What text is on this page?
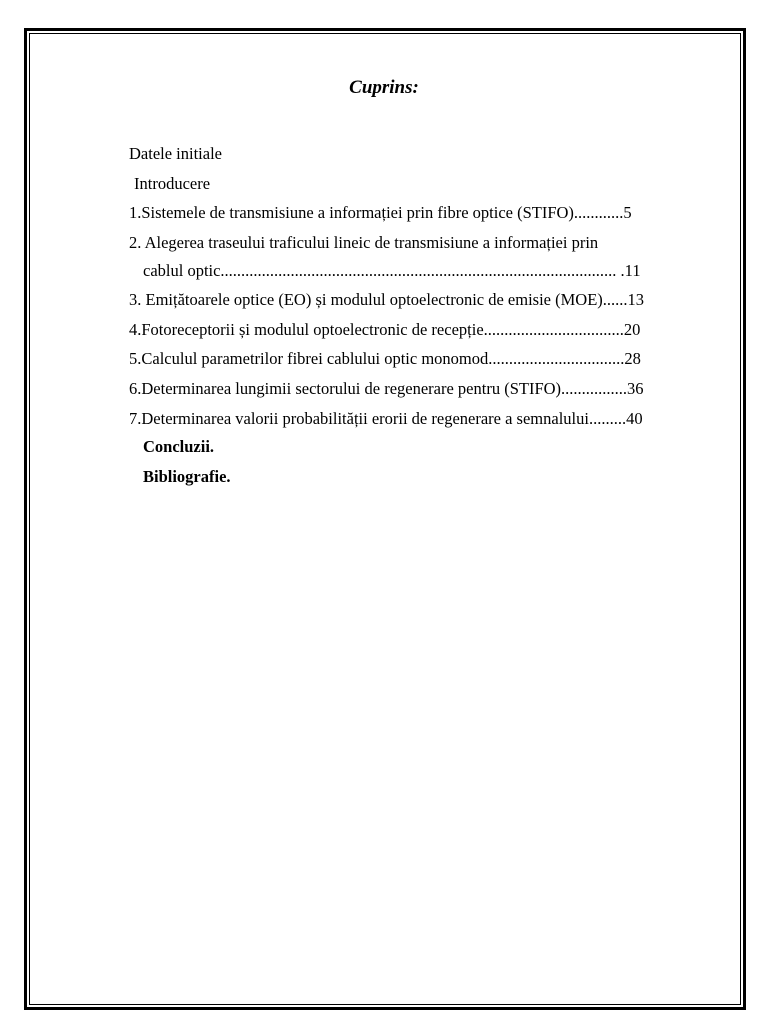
Cuprins:
Datele initiale
Introducere
1.Sistemele de transmisiune a informației prin fibre optice (STIFO)............5
2. Alegerea traseului traficului lineic de transmisiune a informației prin
cablul optic................................................................................................ .11
3. Emițătoarele optice (EO) și modulul optoelectronic de emisie (MOE)......13
4.Fotoreceptorii și modulul optoelectronic de recepție..................................20
5.Calculul parametrilor fibrei cablului optic monomod.................................28
6.Determinarea lungimii sectorului de regenerare pentru (STIFO)................36
7.Determinarea valorii probabilității erorii de regenerare a semnalului.........40
Concluzii.
Bibliografie.
